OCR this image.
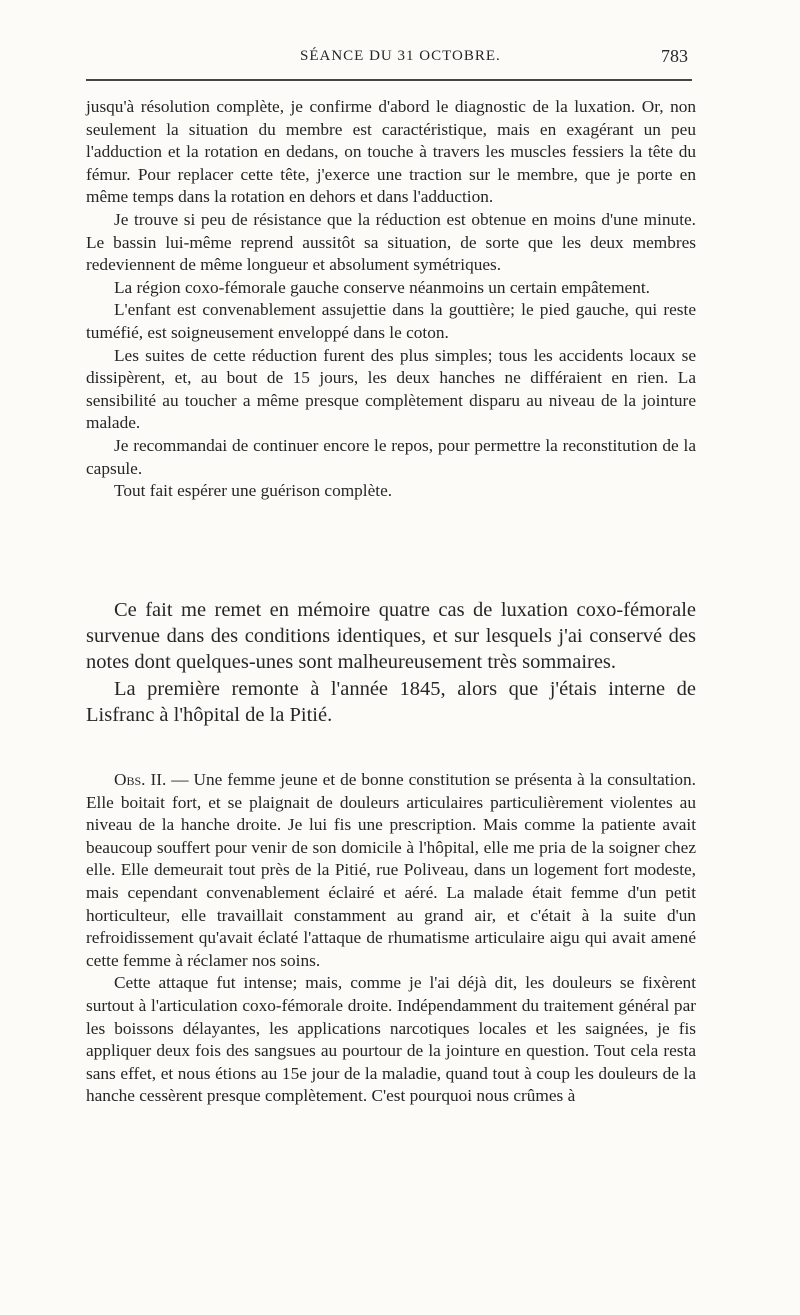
SÉANCE DU 31 OCTOBRE.	783

jusqu'à résolution complète, je confirme d'abord le diagnostic de la luxation. Or, non seulement la situation du membre est caractéristique, mais en exagérant un peu l'adduction et la rotation en dedans, on touche à travers les muscles fessiers la tête du fémur. Pour replacer cette tête, j'exerce une traction sur le membre, que je porte en même temps dans la rotation en dehors et dans l'adduction.

Je trouve si peu de résistance que la réduction est obtenue en moins d'une minute. Le bassin lui-même reprend aussitôt sa situation, de sorte que les deux membres redeviennent de même longueur et absolument symétriques.

La région coxo-fémorale gauche conserve néanmoins un certain empâtement.

L'enfant est convenablement assujettie dans la gouttière; le pied gauche, qui reste tuméfié, est soigneusement enveloppé dans le coton.

Les suites de cette réduction furent des plus simples; tous les accidents locaux se dissipèrent, et, au bout de 15 jours, les deux hanches ne différaient en rien. La sensibilité au toucher a même presque complètement disparu au niveau de la jointure malade.

Je recommandai de continuer encore le repos, pour permettre la reconstitution de la capsule.

Tout fait espérer une guérison complète.

Ce fait me remet en mémoire quatre cas de luxation coxo-fémorale survenue dans des conditions identiques, et sur lesquels j'ai conservé des notes dont quelques-unes sont malheureusement très sommaires.

La première remonte à l'année 1845, alors que j'étais interne de Lisfranc à l'hôpital de la Pitié.

Obs. II. — Une femme jeune et de bonne constitution se présenta à la consultation. Elle boitait fort, et se plaignait de douleurs articulaires particulièrement violentes au niveau de la hanche droite. Je lui fis une prescription. Mais comme la patiente avait beaucoup souffert pour venir de son domicile à l'hôpital, elle me pria de la soigner chez elle. Elle demeurait tout près de la Pitié, rue Poliveau, dans un logement fort modeste, mais cependant convenablement éclairé et aéré. La malade était femme d'un petit horticulteur, elle travaillait constamment au grand air, et c'était à la suite d'un refroidissement qu'avait éclaté l'attaque de rhumatisme articulaire aigu qui avait amené cette femme à réclamer nos soins.

Cette attaque fut intense; mais, comme je l'ai déjà dit, les douleurs se fixèrent surtout à l'articulation coxo-fémorale droite. Indépendamment du traitement général par les boissons délayantes, les applications narcotiques locales et les saignées, je fis appliquer deux fois des sangsues au pourtour de la jointure en question. Tout cela resta sans effet, et nous étions au 15e jour de la maladie, quand tout à coup les douleurs de la hanche cessèrent presque complètement. C'est pourquoi nous crûmes à
